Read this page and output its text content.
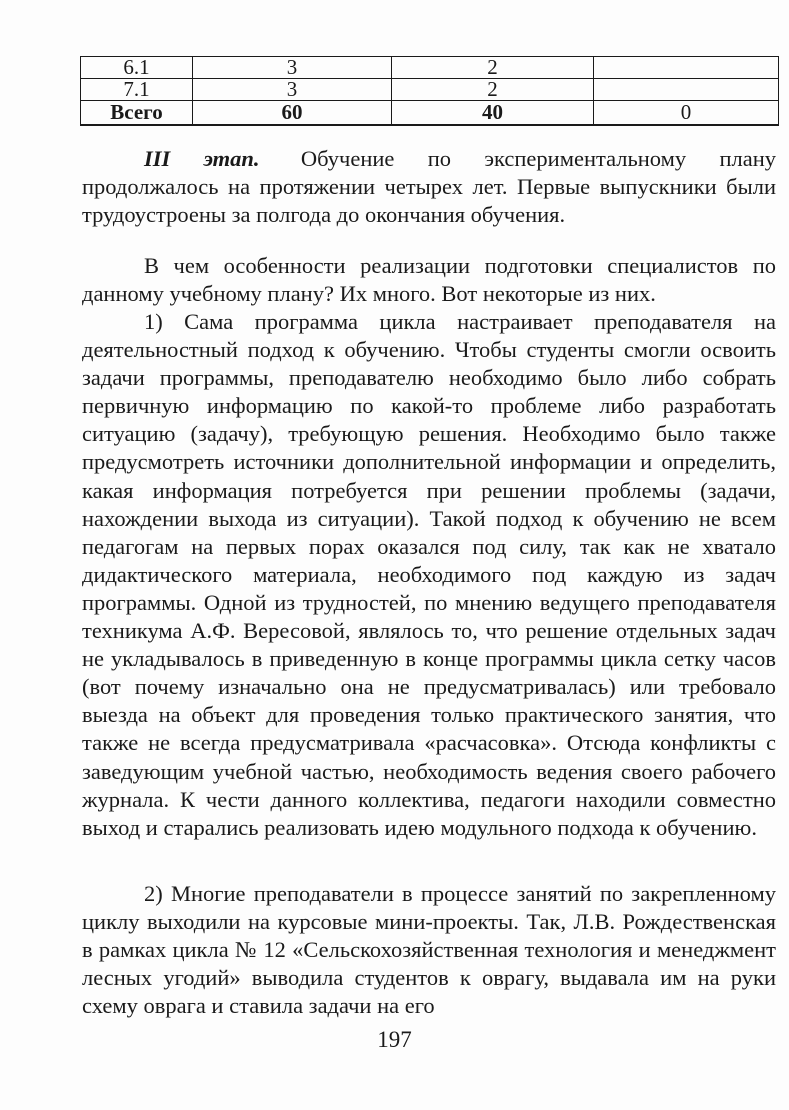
6.1	3	2	
7.1	3	2	
Всего	60	40	0

III этап. Обучение по экспериментальному плану продолжалось на протяжении четырех лет. Первые выпускники были трудоустроены за полгода до окончания обучения.

В чем особенности реализации подготовки специалистов по данному учебному плану? Их много. Вот некоторые из них.

1) Сама программа цикла настраивает преподавателя на деятельностный подход к обучению. Чтобы студенты смогли освоить задачи программы, преподавателю необходимо было либо собрать первичную информацию по какой-то проблеме либо разработать ситуацию (задачу), требующую решения. Необходимо было также предусмотреть источники дополнительной информации и определить, какая информация потребуется при решении проблемы (задачи, нахождении выхода из ситуации). Такой подход к обучению не всем педагогам на первых порах оказался под силу, так как не хватало дидактического материала, необходимого под каждую из задач программы. Одной из трудностей, по мнению ведущего преподавателя техникума А.Ф. Вересовой, являлось то, что решение отдельных задач не укладывалось в приведенную в конце программы цикла сетку часов (вот почему изначально она не предусматривалась) или требовало выезда на объект для проведения только практического занятия, что также не всегда предусматривала «расчасовка». Отсюда конфликты с заведующим учебной частью, необходимость ведения своего рабочего журнала. К чести данного коллектива, педагоги находили совместно выход и старались реализовать идею модульного подхода к обучению.

2) Многие преподаватели в процессе занятий по закрепленному циклу выходили на курсовые мини-проекты. Так, Л.В. Рождественская в рамках цикла № 12 «Сельскохозяйственная технология и менеджмент лесных угодий» выводила студентов к оврагу, выдавала им на руки схему оврага и ставила задачи на его

197
